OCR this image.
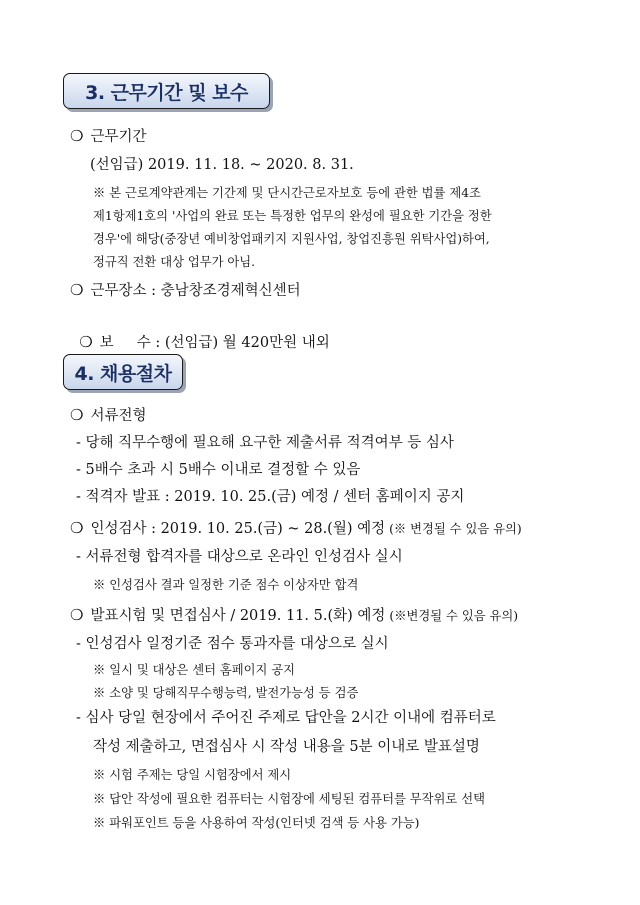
3. 근무기간 및 보수
❍ 근무기간
(선임급) 2019. 11. 18. ~ 2020. 8. 31.
※ 본 근로계약관계는 기간제 및 단시간근로자보호 등에 관한 법률 제4조
제1항제1호의 '사업의 완료 또는 특정한 업무의 완성에 필요한 기간을 정한
경우'에 해당(중장년 예비창업패키지 지원사업, 창업진흥원 위탁사업)하여,
정규직 전환 대상 업무가 아님.
❍ 근무장소 : 충남창조경제혁신센터

❍ 보     수 : (선임급) 월 420만원 내외

4. 채용절차
❍ 서류전형
- 당해 직무수행에 필요해 요구한 제출서류 적격여부 등 심사
- 5배수 초과 시 5배수 이내로 결정할 수 있음
- 적격자 발표 : 2019. 10. 25.(금) 예정 / 센터 홈페이지 공지
❍ 인성검사 : 2019. 10. 25.(금) ~ 28.(월) 예정 (※ 변경될 수 있음 유의)
- 서류전형 합격자를 대상으로 온라인 인성검사 실시
※ 인성검사 결과 일정한 기준 점수 이상자만 합격
❍ 발표시험 및 면접심사 / 2019. 11. 5.(화) 예정 (※변경될 수 있음 유의)
- 인성검사 일정기준 점수 통과자를 대상으로 실시
※ 일시 및 대상은 센터 홈페이지 공지
※ 소양 및 당해직무수행능력, 발전가능성 등 검증
- 심사 당일 현장에서 주어진 주제로 답안을 2시간 이내에 컴퓨터로
작성 제출하고, 면접심사 시 작성 내용을 5분 이내로 발표설명
※ 시험 주제는 당일 시험장에서 제시
※ 답안 작성에 필요한 컴퓨터는 시험장에 세팅된 컴퓨터를 무작위로 선택
※ 파워포인트 등을 사용하여 작성(인터넷 검색 등 사용 가능)
